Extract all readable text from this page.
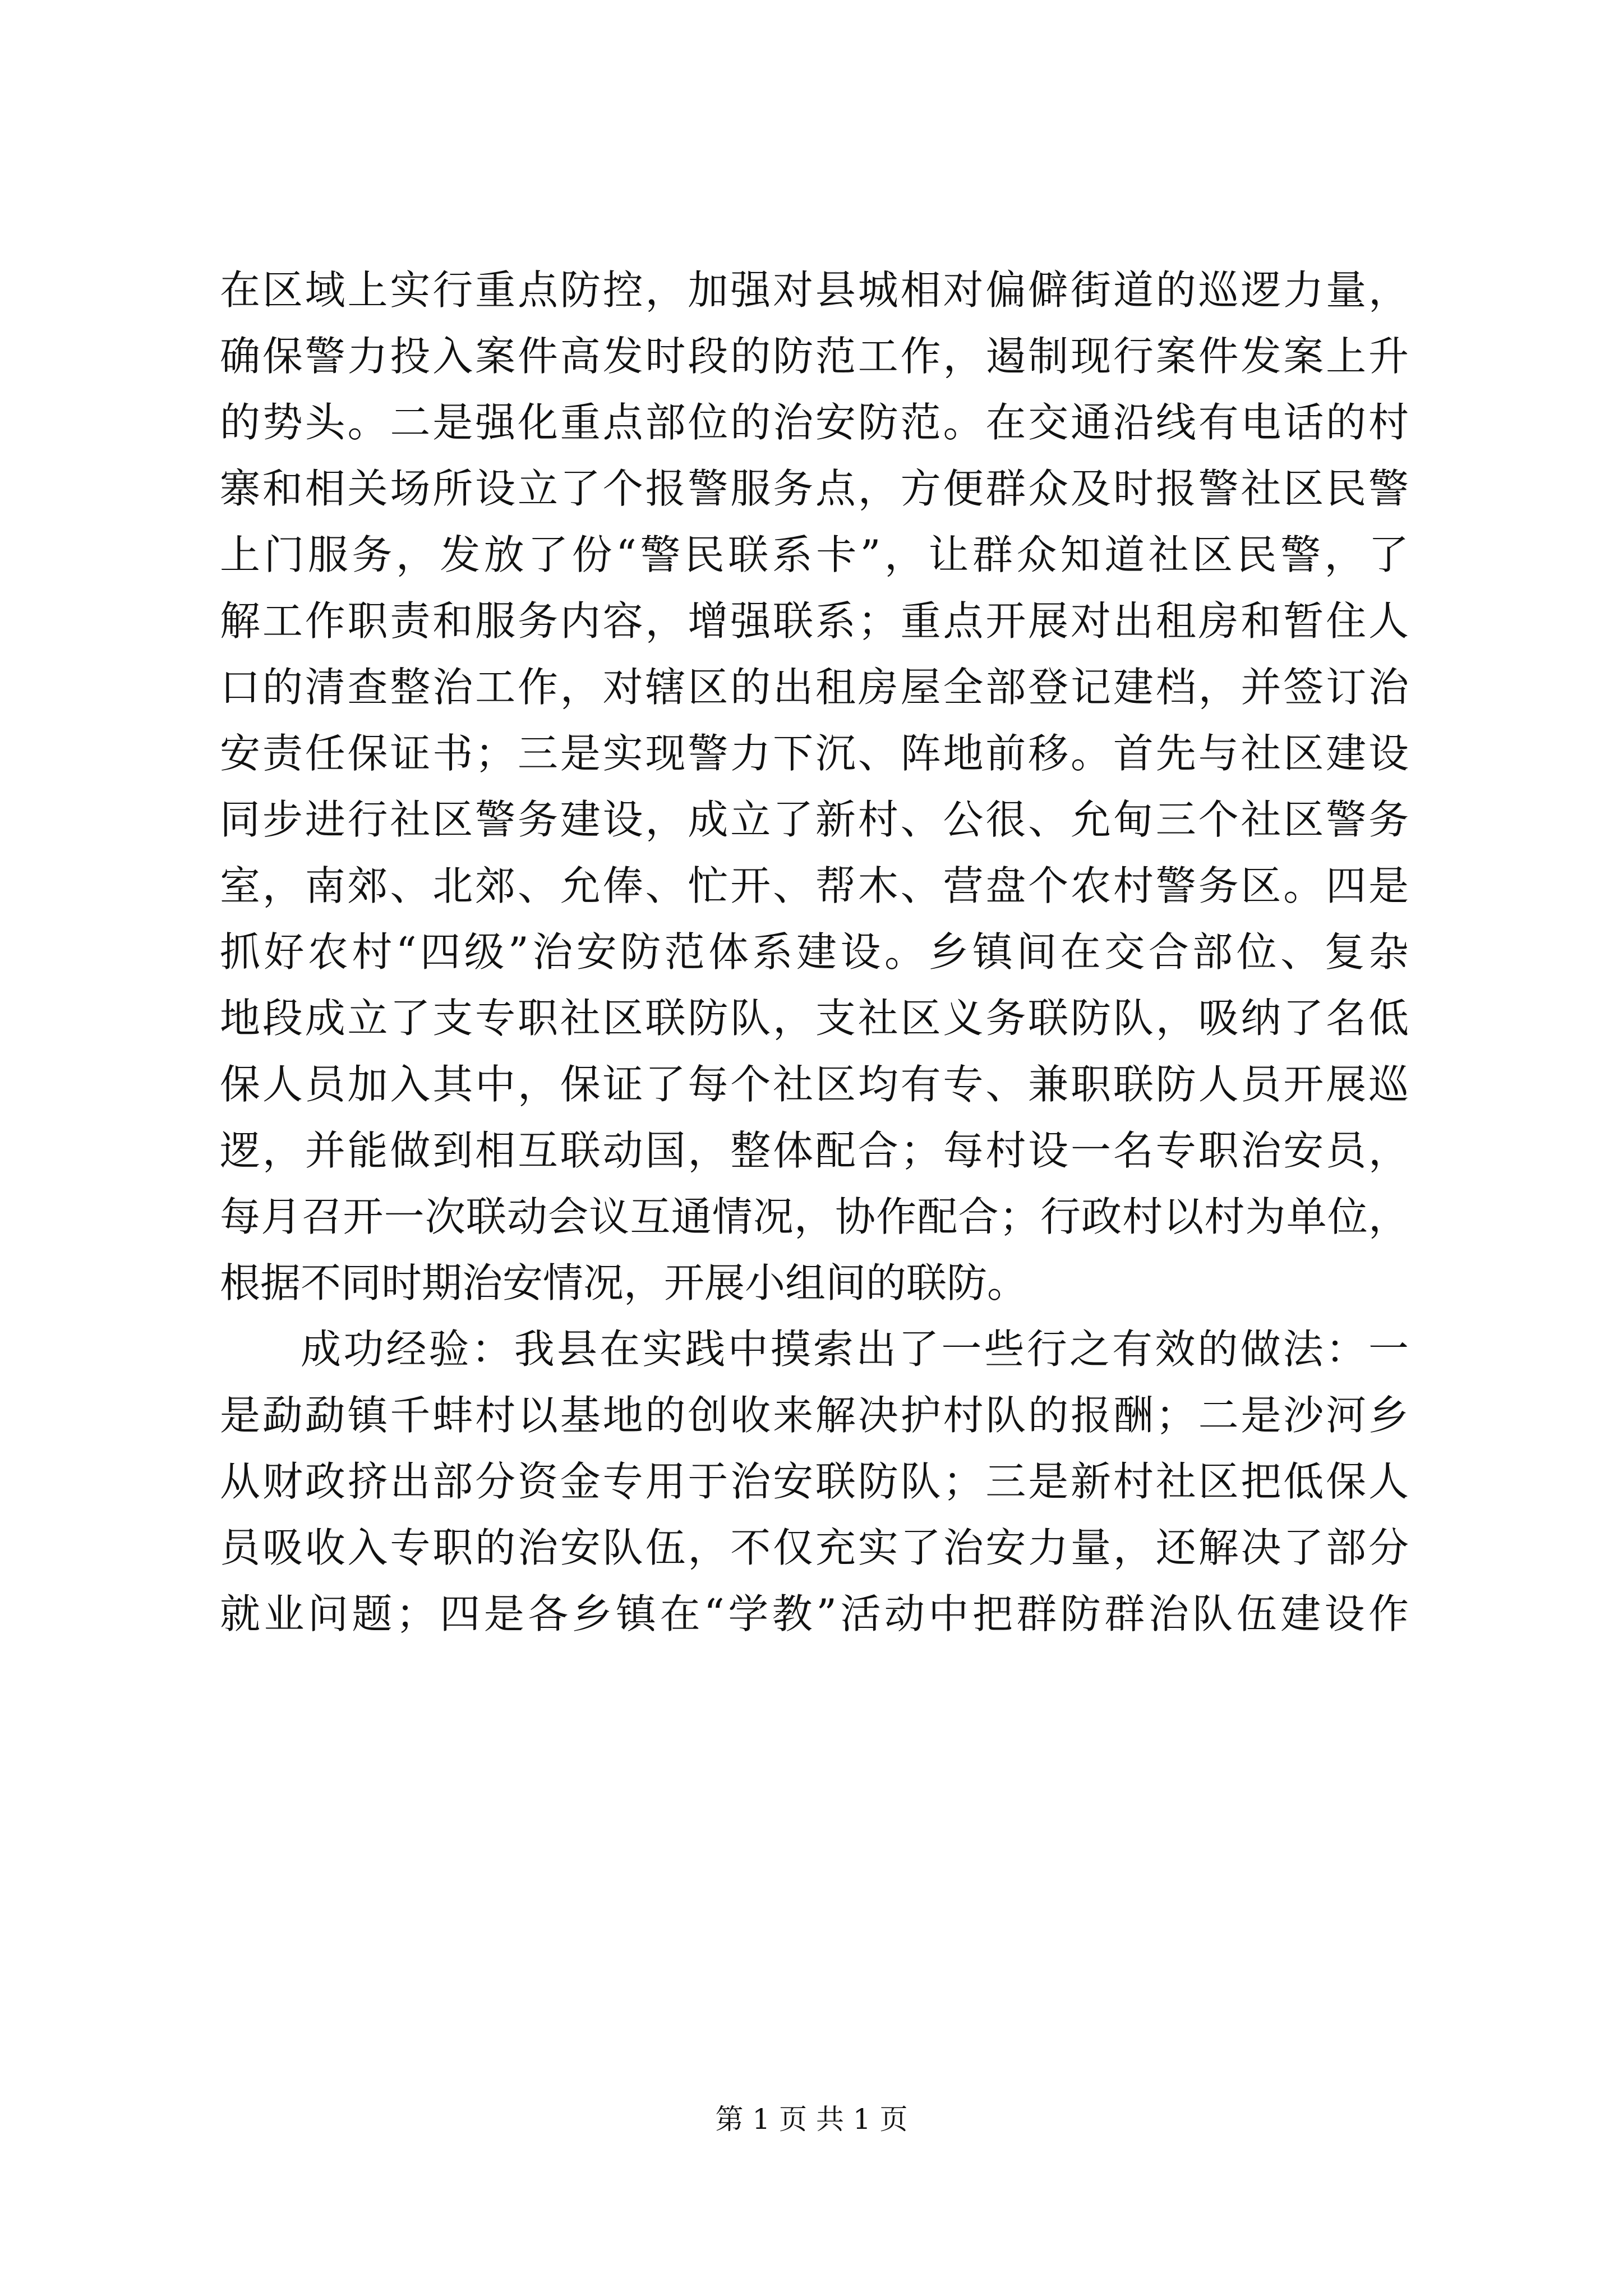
在区域上实行重点防控，加强对县城相对偏僻街道的巡逻力量，
确保警力投入案件高发时段的防范工作，遏制现行案件发案上升
的势头。二是强化重点部位的治安防范。在交通沿线有电话的村
寨和相关场所设立了个报警服务点，方便群众及时报警社区民警
上门服务，发放了份“警民联系卡”，让群众知道社区民警，了
解工作职责和服务内容，增强联系；重点开展对出租房和暂住人
口的清查整治工作，对辖区的出租房屋全部登记建档，并签订治
安责任保证书；三是实现警力下沉、阵地前移。首先与社区建设
同步进行社区警务建设，成立了新村、公很、允甸三个社区警务
室，南郊、北郊、允俸、忙开、帮木、营盘个农村警务区。四是
抓好农村“四级”治安防范体系建设。乡镇间在交合部位、复杂
地段成立了支专职社区联防队，支社区义务联防队，吸纳了名低
保人员加入其中，保证了每个社区均有专、兼职联防人员开展巡
逻，并能做到相互联动国，整体配合；每村设一名专职治安员，
每月召开一次联动会议互通情况，协作配合；行政村以村为单位，
根据不同时期治安情况，开展小组间的联防。
成功经验：我县在实践中摸索出了一些行之有效的做法：一
是勐勐镇千蚌村以基地的创收来解决护村队的报酬；二是沙河乡
从财政挤出部分资金专用于治安联防队；三是新村社区把低保人
员吸收入专职的治安队伍，不仅充实了治安力量，还解决了部分
就业问题；四是各乡镇在“学教”活动中把群防群治队伍建设作
第 1 页 共 1 页
